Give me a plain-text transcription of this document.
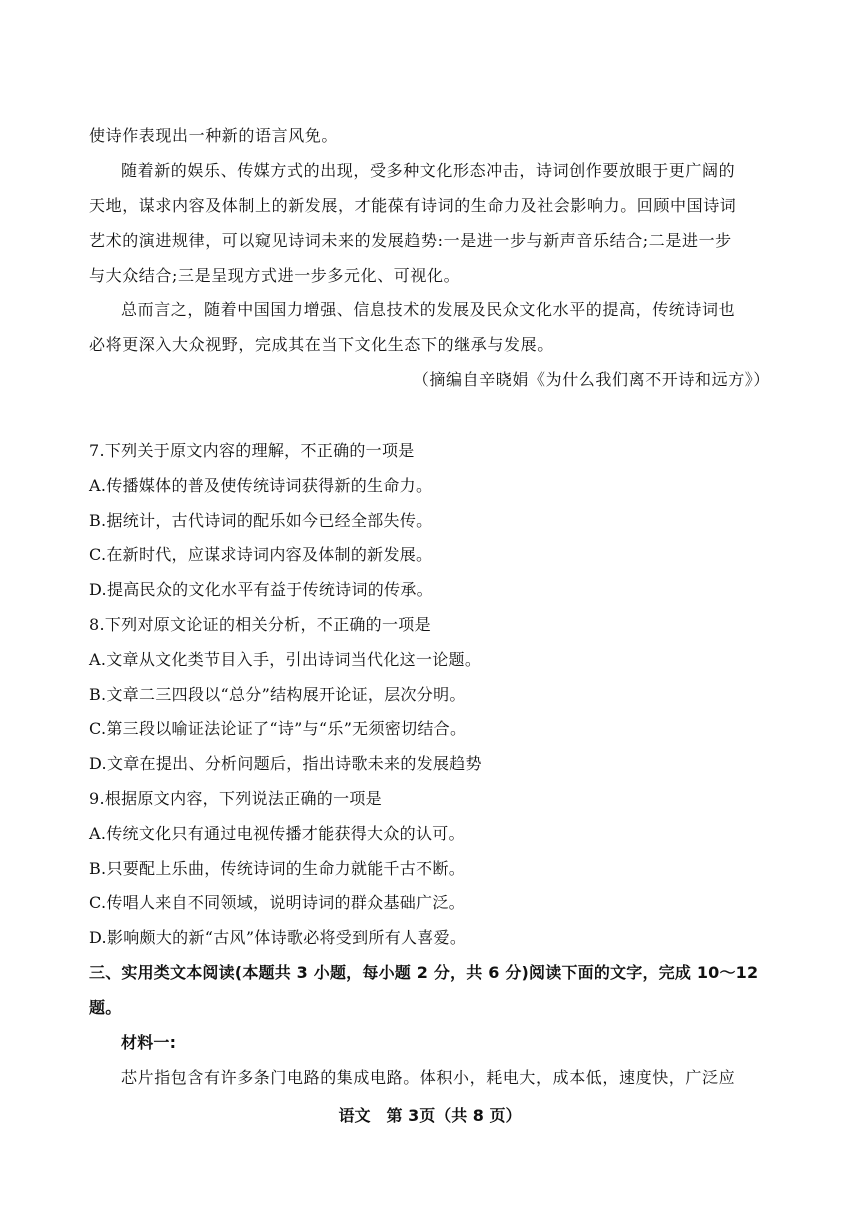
使诗作表现出一种新的语言风免。
随着新的娱乐、传媒方式的出现，受多种文化形态冲击，诗词创作要放眼于更广阔的
天地，谋求内容及体制上的新发展，才能葆有诗词的生命力及社会影响力。回顾中国诗词
艺术的演进规律，可以窥见诗词未来的发展趋势:一是进一步与新声音乐结合;二是进一步
与大众结合;三是呈现方式进一步多元化、可视化。
总而言之，随着中国国力增强、信息技术的发展及民众文化水平的提高，传统诗词也
必将更深入大众视野，完成其在当下文化生态下的继承与发展。
（摘编自辛晓娟《为什么我们离不开诗和远方》）
7.下列关于原文内容的理解，不正确的一项是
A.传播媒体的普及使传统诗词获得新的生命力。
B.据统计，古代诗词的配乐如今已经全部失传。
C.在新时代，应谋求诗词内容及体制的新发展。
D.提高民众的文化水平有益于传统诗词的传承。
8.下列对原文论证的相关分析，不正确的一项是
A.文章从文化类节目入手，引出诗词当代化这一论题。
B.文章二三四段以“总分”结构展开论证，层次分明。
C.第三段以喻证法论证了“诗”与“乐”无须密切结合。
D.文章在提出、分析问题后，指出诗歌未来的发展趋势
9.根据原文内容，下列说法正确的一项是
A.传统文化只有通过电视传播才能获得大众的认可。
B.只要配上乐曲，传统诗词的生命力就能千古不断。
C.传唱人来自不同领域，说明诗词的群众基础广泛。
D.影响颇大的新“古风”体诗歌必将受到所有人喜爱。
三、实用类文本阅读(本题共 3 小题，每小题 2 分，共 6 分)阅读下面的文字，完成 10～12
题。
材料一:
芯片指包含有许多条门电路的集成电路。体积小，耗电大，成本低，速度快，广泛应
语文　第 3页（共 8 页）
